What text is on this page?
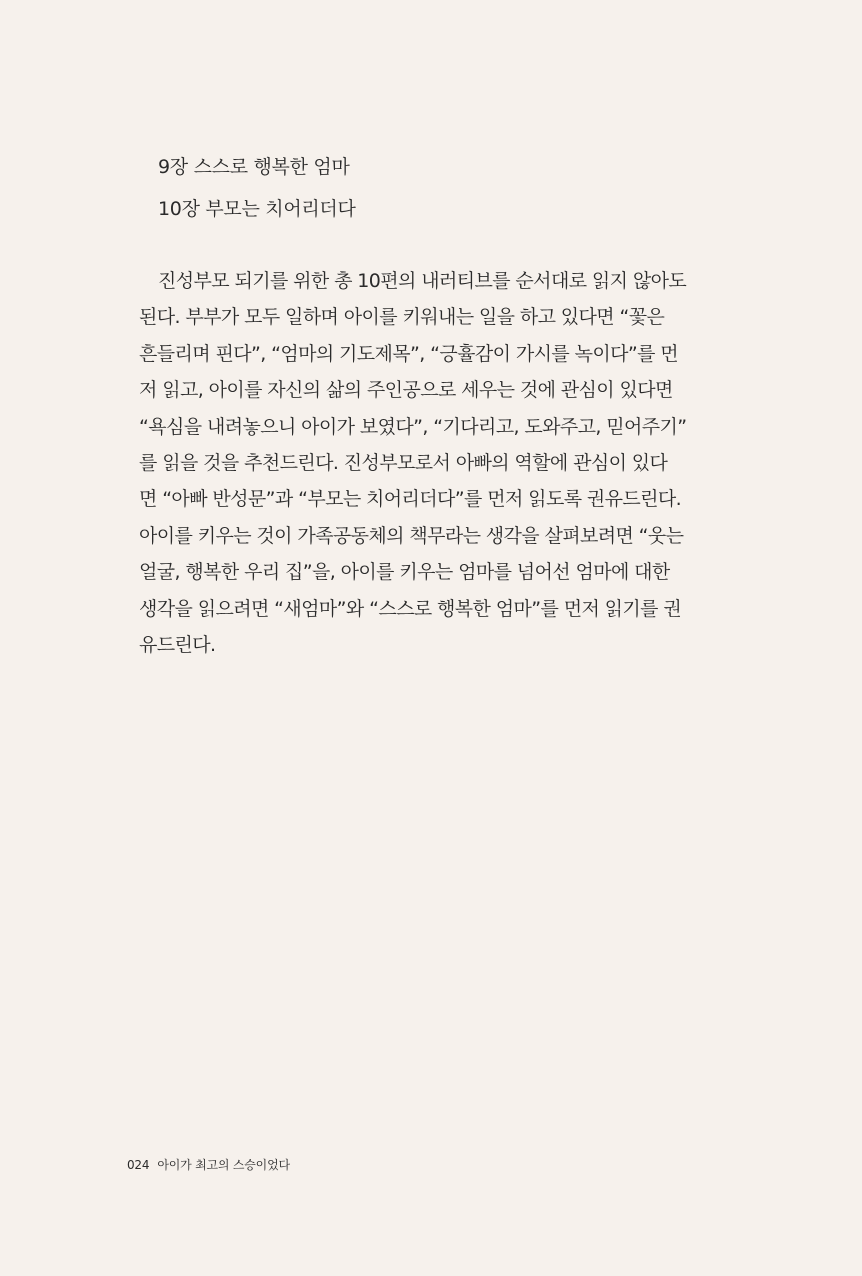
9장 스스로 행복한 엄마
10장 부모는 치어리더다
진성부모 되기를 위한 총 10편의 내러티브를 순서대로 읽지 않아도
된다. 부부가 모두 일하며 아이를 키워내는 일을 하고 있다면 “꽃은
흔들리며 핀다”, “엄마의 기도제목”, “긍휼감이 가시를 녹이다”를 먼
저 읽고, 아이를 자신의 삶의 주인공으로 세우는 것에 관심이 있다면
“욕심을 내려놓으니 아이가 보였다”, “기다리고, 도와주고, 믿어주기”
를 읽을 것을 추천드린다. 진성부모로서 아빠의 역할에 관심이 있다
면 “아빠 반성문”과 “부모는 치어리더다”를 먼저 읽도록 권유드린다.
아이를 키우는 것이 가족공동체의 책무라는 생각을 살펴보려면 “웃는
얼굴, 행복한 우리 집”을, 아이를 키우는 엄마를 넘어선 엄마에 대한
생각을 읽으려면 “새엄마”와 “스스로 행복한 엄마”를 먼저 읽기를 권
유드린다.
024 아이가 최고의 스승이었다
